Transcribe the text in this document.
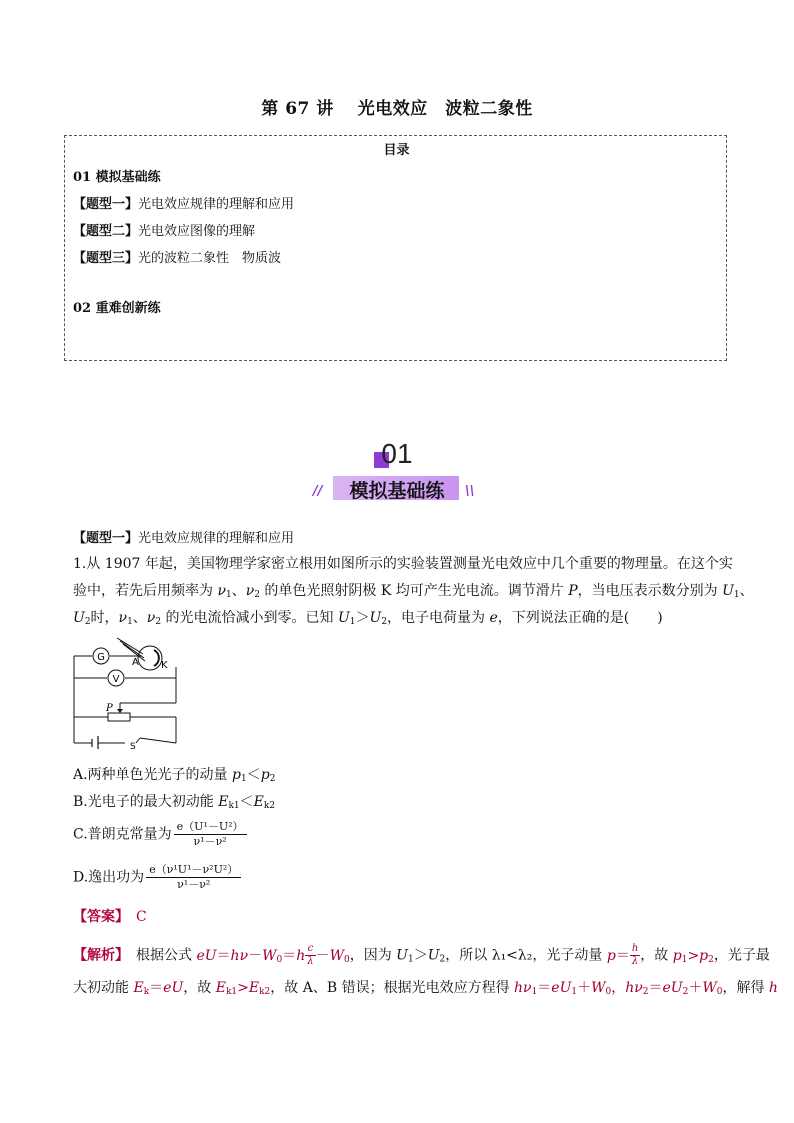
第 67 讲　 光电效应　波粒二象性
目录
01 模拟基础练
【题型一】光电效应规律的理解和应用
【题型二】光电效应图像的理解
【题型三】光的波粒二象性　物质波
02 重难创新练
01
模拟基础练
//	\\
【题型一】光电效应规律的理解和应用
1.从 1907 年起，美国物理学家密立根用如图所示的实验装置测量光电效应中几个重要的物理量。在这个实
验中，若先后用频率为 $\nu_1$、$\nu_2$ 的单色光照射阴极 K 均可产生光电流。调节滑片 P，当电压表示数分别为 $U_1$、
$U_2$时，$\nu_1$、$\nu_2$ 的光电流恰减小到零。已知 $U_1>U_2$，电子电荷量为 e，下列说法正确的是(　　)
G
V
A K
P
S
A.两种单色光光子的动量 $p_1<p_2$
B.光电子的最大初动能 $E_{k1}<E_{k2}$
C.普朗克常量为 $\frac{\text{e（U¹－U²）}}{\text{ν¹－ν²}}$
D.逸出功为 $\frac{\text{e（ν¹U¹－ν²U²）}}{\text{ν¹－ν²}}$
【答案】　 C
【解析】　根据公式 $eU=h\nu-W_0=h \frac{c}{\lambda} -W_0$，因为 $U_1>U_2$，所以 λ₁<λ₂，光子动量 $p= \frac{h}{\lambda}$ ，故 $p_1>p_2$，光子最
大初动能 $E_k=eU$，故 $E_{k1}>E_{k2}$，故 A、B 错误；根据光电效应方程得 $h\nu_1=eU_1+W_0$，$h\nu_2=eU_2+W_0$，解得 h
